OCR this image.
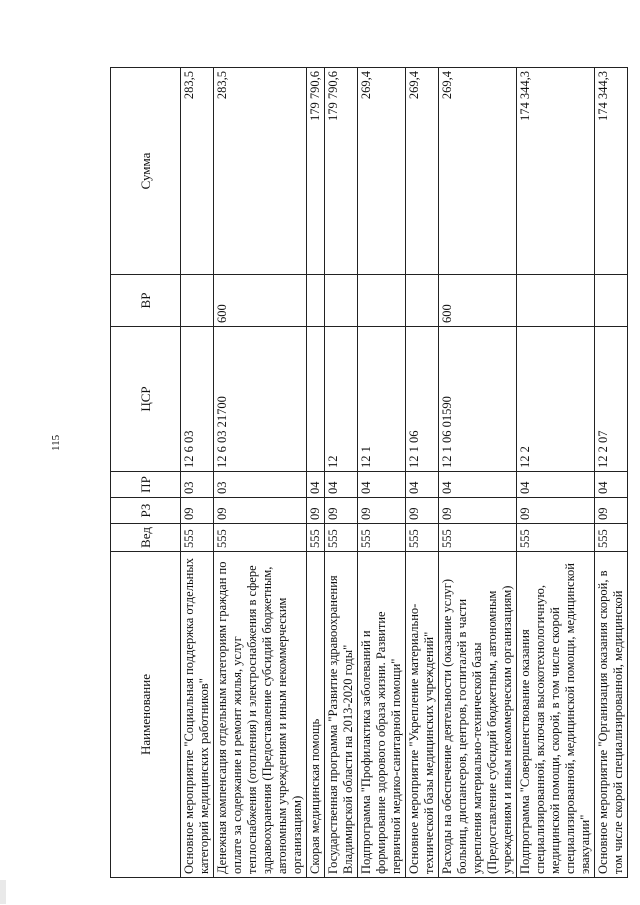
115
Наименование	Вед	РЗ	ПР	ЦСР	ВР	Сумма
Основное мероприятие "Социальная поддержка отдельных категорий медицинских работников"	555	09	03	12 6 03		283,5
Денежная компенсация отдельным категориям граждан по оплате за содержание и ремонт жилья, услуг теплоснабжения (отопления) и электроснабжения в сфере здравоохранения (Предоставление субсидий бюджетным, автономным учреждениям и иным некоммерческим организациям)	555	09	03	12 6 03 21700	600	283,5
Скорая медицинская помощь	555	09	04			179 790,6
Государственная программа "Развитие здравоохранения Владимирской области на 2013-2020 годы"	555	09	04	12		179 790,6
Подпрограмма "Профилактика заболеваний и формирование здорового образа жизни. Развитие первичной медико-санитарной помощи"	555	09	04	12 1		269,4
Основное мероприятие "Укрепление материально-технической базы медицинских учреждений"	555	09	04	12 1 06		269,4
Расходы на обеспечение деятельности (оказание услуг) больниц, диспансеров, центров, госпиталей в части укрепления материально-технической базы (Предоставление субсидий бюджетным, автономным учреждениям и иным некоммерческим организациям)	555	09	04	12 1 06 01590	600	269,4
Подпрограмма "Совершенствование оказания специализированной, включая высокотехнологичную, медицинской помощи, скорой, в том числе скорой специализированной, медицинской помощи, медицинской эвакуации"	555	09	04	12 2		174 344,3
Основное мероприятие "Организация оказания скорой, в том числе скорой специализированной, медицинской	555	09	04	12 2 07		174 344,3
